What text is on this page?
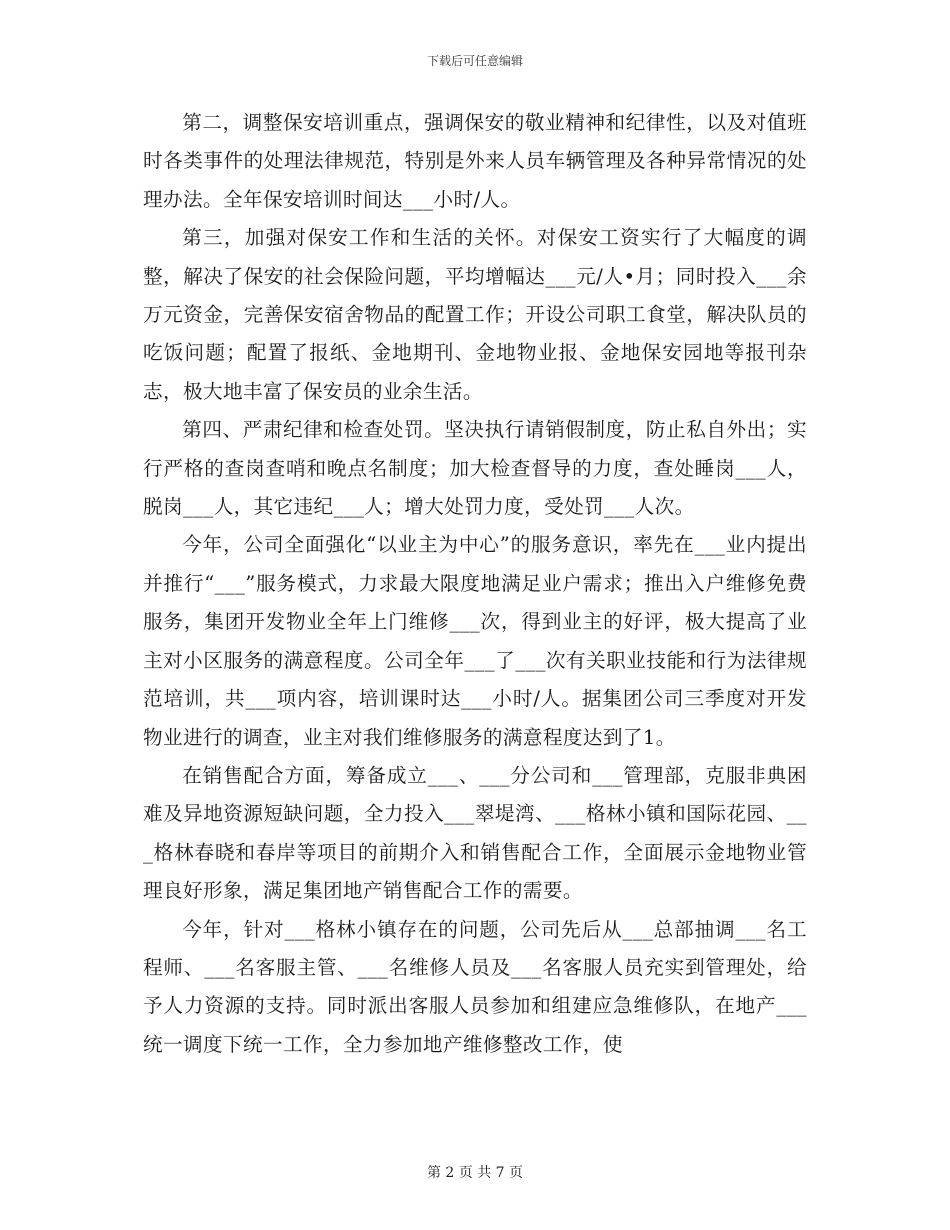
下载后可任意编辑

第二，调整保安培训重点，强调保安的敬业精神和纪律性，以及对值班时各类事件的处理法律规范，特别是外来人员车辆管理及各种异常情况的处理办法。全年保安培训时间达___小时/人。

第三，加强对保安工作和生活的关怀。对保安工资实行了大幅度的调整，解决了保安的社会保险问题，平均增幅达___元/人•月；同时投入___余万元资金，完善保安宿舍物品的配置工作；开设公司职工食堂，解决队员的吃饭问题；配置了报纸、金地期刊、金地物业报、金地保安园地等报刊杂志，极大地丰富了保安员的业余生活。

第四、严肃纪律和检查处罚。坚决执行请销假制度，防止私自外出；实行严格的查岗查哨和晚点名制度；加大检查督导的力度，查处睡岗___人，脱岗___人，其它违纪___人；增大处罚力度，受处罚___人次。

今年，公司全面强化“以业主为中心”的服务意识，率先在___业内提出并推行“___”服务模式，力求最大限度地满足业户需求；推出入户维修免费服务，集团开发物业全年上门维修___次，得到业主的好评，极大提高了业主对小区服务的满意程度。公司全年___了___次有关职业技能和行为法律规范培训，共___项内容，培训课时达___小时/人。据集团公司三季度对开发物业进行的调查，业主对我们维修服务的满意程度达到了1。

在销售配合方面，筹备成立___、___分公司和___管理部，克服非典困难及异地资源短缺问题，全力投入___翠堤湾、___格林小镇和国际花园、___格林春晓和春岸等项目的前期介入和销售配合工作，全面展示金地物业管理良好形象，满足集团地产销售配合工作的需要。

今年，针对___格林小镇存在的问题，公司先后从___总部抽调___名工程师、___名客服主管、___名维修人员及___名客服人员充实到管理处，给予人力资源的支持。同时派出客服人员参加和组建应急维修队，在地产___统一调度下统一工作，全力参加地产维修整改工作，使

第 2 页 共 7 页
